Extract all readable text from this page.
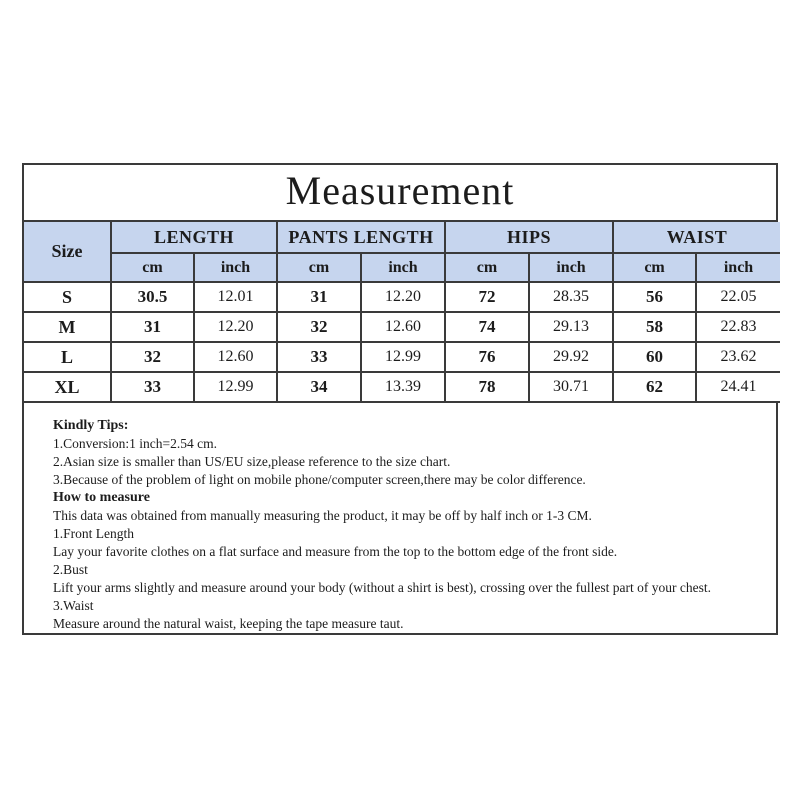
Measurement
Size	LENGTH		PANTS LENGTH		HIPS		WAIST	
	cm	inch	cm	inch	cm	inch	cm	inch
S	30.5	12.01	31	12.20	72	28.35	56	22.05
M	31	12.20	32	12.60	74	29.13	58	22.83
L	32	12.60	33	12.99	76	29.92	60	23.62
XL	33	12.99	34	13.39	78	30.71	62	24.41
Kindly Tips:
1.Conversion:1 inch=2.54 cm.
2.Asian size is smaller than US/EU size,please reference to the size chart.
3.Because of the problem of light on mobile phone/computer screen,there may be color difference.
How to measure
This data was obtained from manually measuring the product, it may be off by half inch or 1-3 CM.
1.Front Length
Lay your favorite clothes on a flat surface and measure from the top to the bottom edge of the front side.
2.Bust
Lift your arms slightly and measure around your body (without a shirt is best), crossing over the fullest part of your chest.
3.Waist
Measure around the natural waist, keeping the tape measure taut.
